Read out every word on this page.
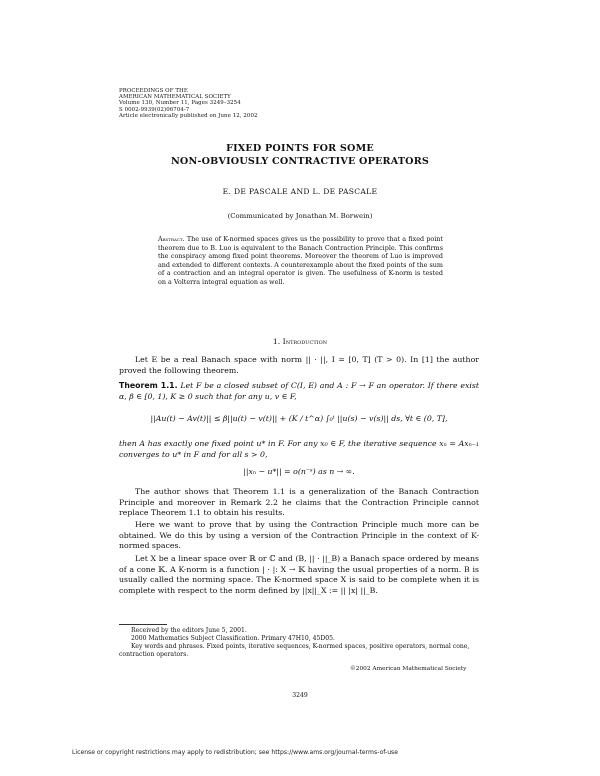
PROCEEDINGS OF THE
AMERICAN MATHEMATICAL SOCIETY
Volume 130, Number 11, Pages 3249–3254
S 0002-9939(02)06704-7
Article electronically published on June 12, 2002
FIXED POINTS FOR SOME
NON-OBVIOUSLY CONTRACTIVE OPERATORS
E. DE PASCALE AND L. DE PASCALE
(Communicated by Jonathan M. Borwein)
Abstract. The use of K-normed spaces gives us the possibility to prove that a fixed point theorem due to B. Luo is equivalent to the Banach Contraction Principle. This confirms the conspiracy among fixed point theorems. Moreover the theorem of Luo is improved and extended to different contexts. A counterexample about the fixed points of the sum of a contraction and an integral operator is given. The usefulness of K-norm is tested on a Volterra integral equation as well.
1. Introduction
Let E be a real Banach space with norm || · ||, I = [0, T] (T > 0). In [1] the author proved the following theorem.
Theorem 1.1. Let F be a closed subset of C(I, E) and A : F → F an operator. If there exist α, β ∈ [0, 1), K ≥ 0 such that for any u, v ∈ F,
||Au(t) − Av(t)|| ≤ β||u(t) − v(t)|| + (K / t^α) ∫₀ᵗ ||u(s) − v(s)|| ds, ∀t ∈ (0, T],
then A has exactly one fixed point u* in F. For any x₀ ∈ F, the iterative sequence xₙ = Axₙ₋₁ converges to u* in F and for all s > 0,
||xₙ − u*|| = o(n⁻ˢ) as n → ∞.
The author shows that Theorem 1.1 is a generalization of the Banach Contraction Principle and moreover in Remark 2.2 he claims that the Contraction Principle cannot replace Theorem 1.1 to obtain his results.
Here we want to prove that by using the Contraction Principle much more can be obtained. We do this by using a version of the Contraction Principle in the context of K-normed spaces.
Let X be a linear space over ℝ or ℂ and (B, || · ||_B) a Banach space ordered by means of a cone 𝕂. A K-norm is a function | · |: X → 𝕂 having the usual properties of a norm. B is usually called the norming space. The K-normed space X is said to be complete when it is complete with respect to the norm defined by ||x||_X := || |x| ||_B.
Received by the editors June 5, 2001.
2000 Mathematics Subject Classification. Primary 47H10, 45D05.
Key words and phrases. Fixed points, iterative sequences, K-normed spaces, positive operators, normal cone, contraction operators.
©2002 American Mathematical Society
3249
License or copyright restrictions may apply to redistribution; see https://www.ams.org/journal-terms-of-use
